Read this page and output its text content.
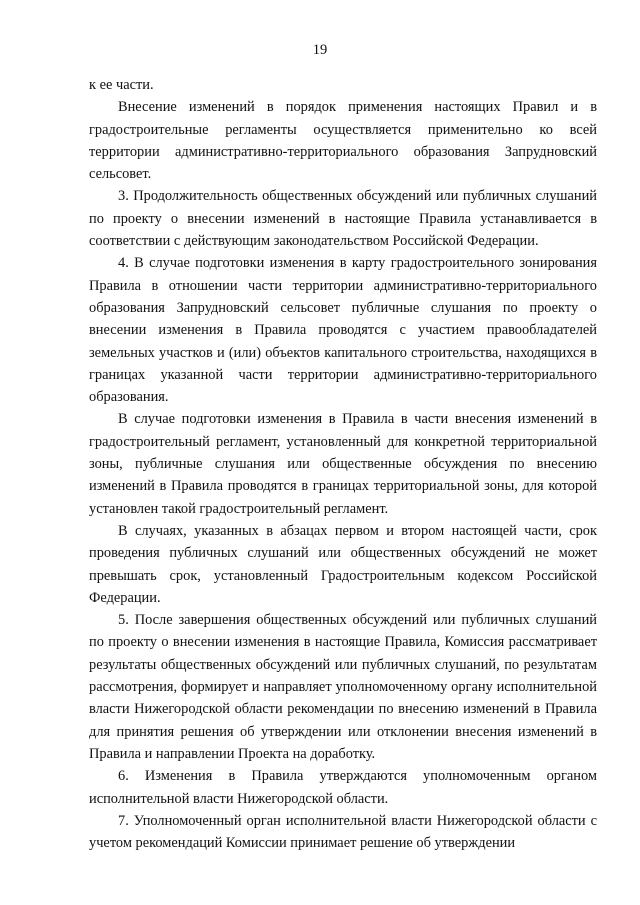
19

к ее части.

Внесение изменений в порядок применения настоящих Правил и в градостроительные регламенты осуществляется применительно ко всей территории административно-территориального образования Запрудновский сельсовет.

3. Продолжительность общественных обсуждений или публичных слушаний по проекту о внесении изменений в настоящие Правила устанавливается в соответствии с действующим законодательством Российской Федерации.

4. В случае подготовки изменения в карту градостроительного зонирования Правила в отношении части территории административно-территориального образования Запрудновский сельсовет публичные слушания по проекту о внесении изменения в Правила проводятся с участием правообладателей земельных участков и (или) объектов капитального строительства, находящихся в границах указанной части территории административно-территориального образования.

В случае подготовки изменения в Правила в части внесения изменений в градостроительный регламент, установленный для конкретной территориальной зоны, публичные слушания или общественные обсуждения по внесению изменений в Правила проводятся в границах территориальной зоны, для которой установлен такой градостроительный регламент.

В случаях, указанных в абзацах первом и втором настоящей части, срок проведения публичных слушаний или общественных обсуждений не может превышать срок, установленный Градостроительным кодексом Российской Федерации.

5. После завершения общественных обсуждений или публичных слушаний по проекту о внесении изменения в настоящие Правила, Комиссия рассматривает результаты общественных обсуждений или публичных слушаний, по результатам рассмотрения, формирует и направляет уполномоченному органу исполнительной власти Нижегородской области рекомендации по внесению изменений в Правила для принятия решения об утверждении или отклонении внесения изменений в Правила и направлении Проекта на доработку.

6. Изменения в Правила утверждаются уполномоченным органом исполнительной власти Нижегородской области.

7. Уполномоченный орган исполнительной власти Нижегородской области с учетом рекомендаций Комиссии принимает решение об утверждении
